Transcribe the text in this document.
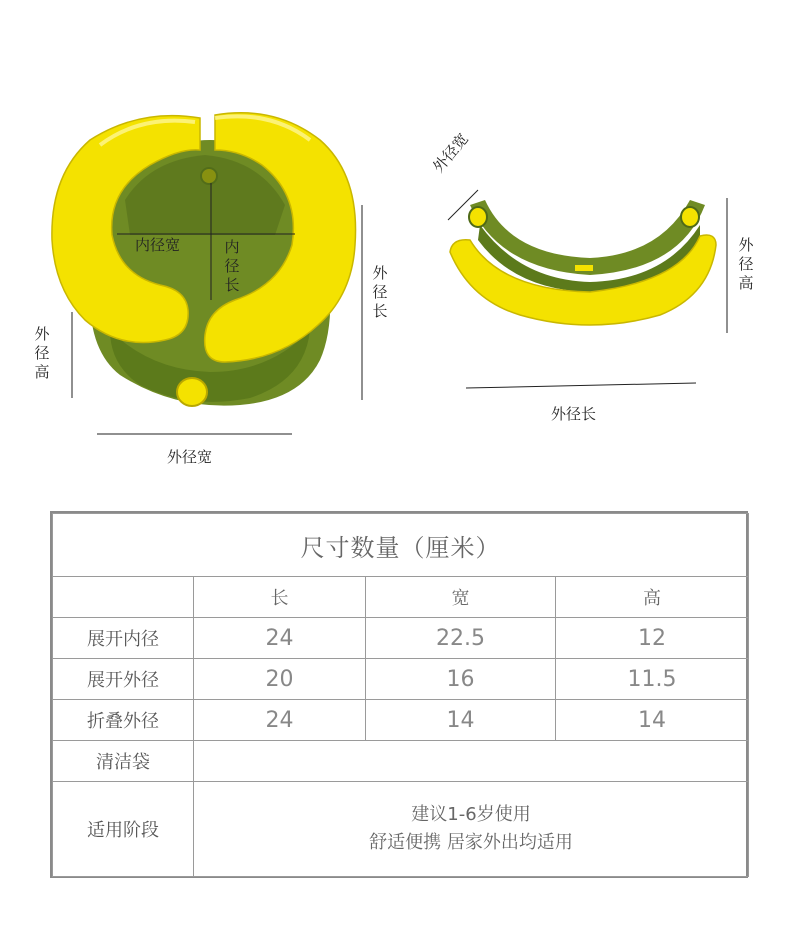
内径宽	内径长
外径长
外径高
外径宽
外径宽
外径高
外径长
尺寸数量（厘米）			
	长	宽	高
展开内径	24	22.5	12
展开外径	20	16	11.5
折叠外径	24	14	14
清洁袋			
适用阶段	建议1-6岁使用
舒适便携 居家外出均适用		
